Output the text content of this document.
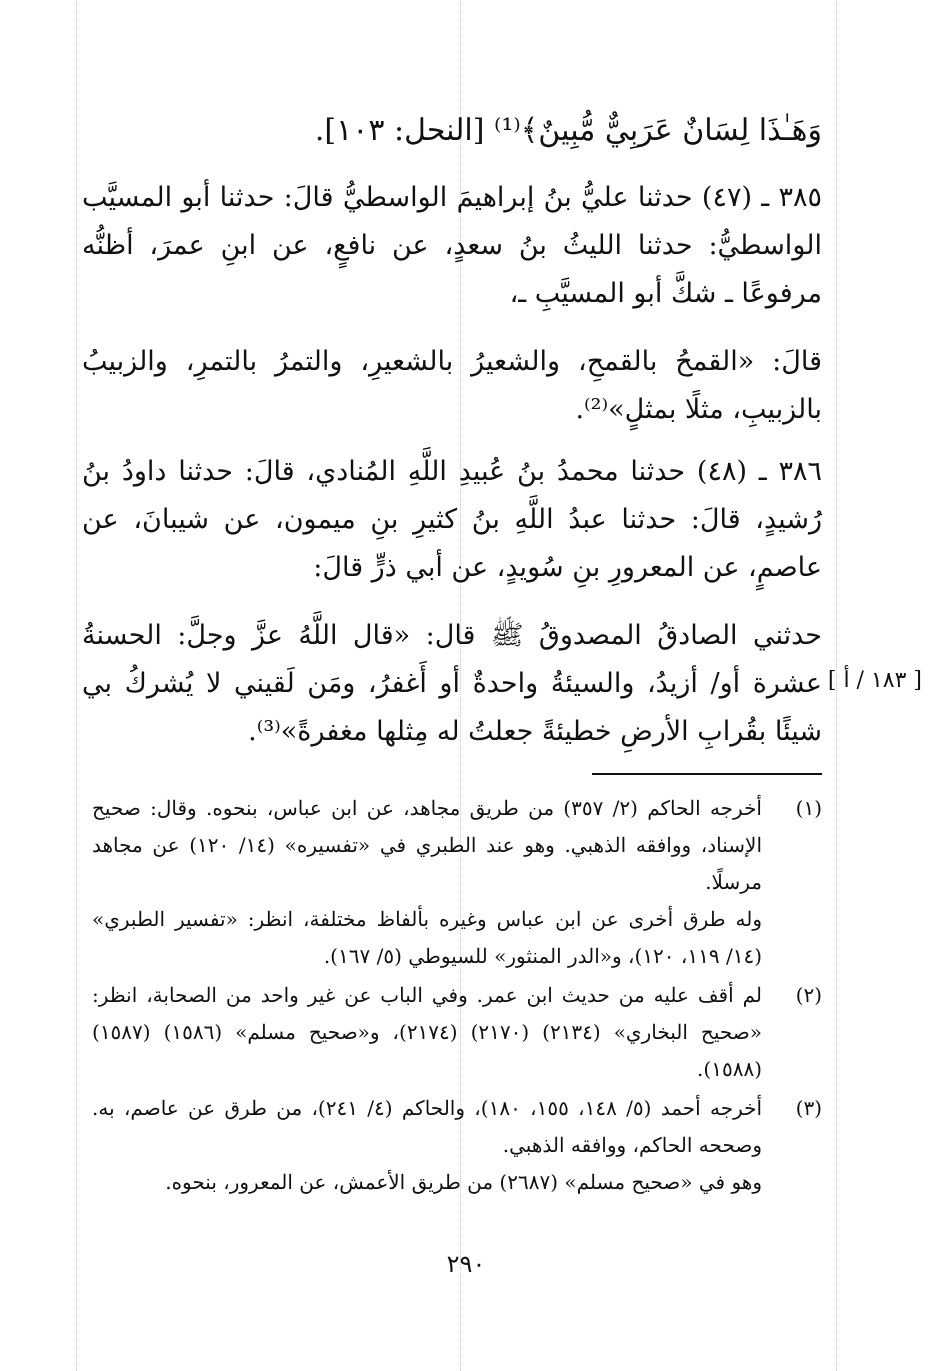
وَهَـٰذَا لِسَانٌ عَرَبِيٌّ مُّبِينٌ﴾⁽¹⁾ [النحل: ١٠٣].
٣٨٥ ـ (٤٧) حدثنا عليُّ بنُ إبراهيمَ الواسطيُّ قالَ: حدثنا أبو المسيَّب الواسطيُّ: حدثنا الليثُ بنُ سعدٍ، عن نافعٍ، عن ابنِ عمرَ، أظنُّه مرفوعًا ـ شكَّ أبو المسيَّبِ ـ،
قالَ: «القمحُ بالقمحِ، والشعيرُ بالشعيرِ، والتمرُ بالتمرِ، والزبيبُ بالزبيبِ، مثلًا بمثلٍ»⁽²⁾.
٣٨٦ ـ (٤٨) حدثنا محمدُ بنُ عُبيدِ اللَّهِ المُنادي، قالَ: حدثنا داودُ بنُ رُشيدٍ، قالَ: حدثنا عبدُ اللَّهِ بنُ كثيرِ بنِ ميمون، عن شيبانَ، عن عاصمٍ، عن المعرورِ بنِ سُويدٍ، عن أبي ذرٍّ قالَ:
حدثني الصادقُ المصدوقُ ﷺ قال: «قال اللَّهُ عزَّ وجلَّ: الحسنةُ عشرة أو/ أزيدُ، والسيئةُ واحدةٌ أو أَغفرُ، ومَن لَقيني لا يُشركُ بي شيئًا بقُرابِ الأرضِ خطيئةً جعلتُ له مِثلها مغفرةً»⁽³⁾.
[ ١٨٣ / أ ]
(١)
أخرجه الحاكم (٢/ ٣٥٧) من طريق مجاهد، عن ابن عباس، بنحوه. وقال: صحيح الإسناد، ووافقه الذهبي. وهو عند الطبري في «تفسيره» (١٤/ ١٢٠) عن مجاهد مرسلًا.
وله طرق أخرى عن ابن عباس وغيره بألفاظ مختلفة، انظر: «تفسير الطبري» (١٤/ ١١٩، ١٢٠)، و«الدر المنثور» للسيوطي (٥/ ١٦٧).
(٢)
لم أقف عليه من حديث ابن عمر. وفي الباب عن غير واحد من الصحابة، انظر: «صحيح البخاري» (٢١٣٤) (٢١٧٠) (٢١٧٤)، و«صحيح مسلم» (١٥٨٦) (١٥٨٧) (١٥٨٨).
(٣)
أخرجه أحمد (٥/ ١٤٨، ١٥٥، ١٨٠)، والحاكم (٤/ ٢٤١)، من طرق عن عاصم، به. وصححه الحاكم، ووافقه الذهبي.
وهو في «صحيح مسلم» (٢٦٨٧) من طريق الأعمش، عن المعرور، بنحوه.
٢٩٠
